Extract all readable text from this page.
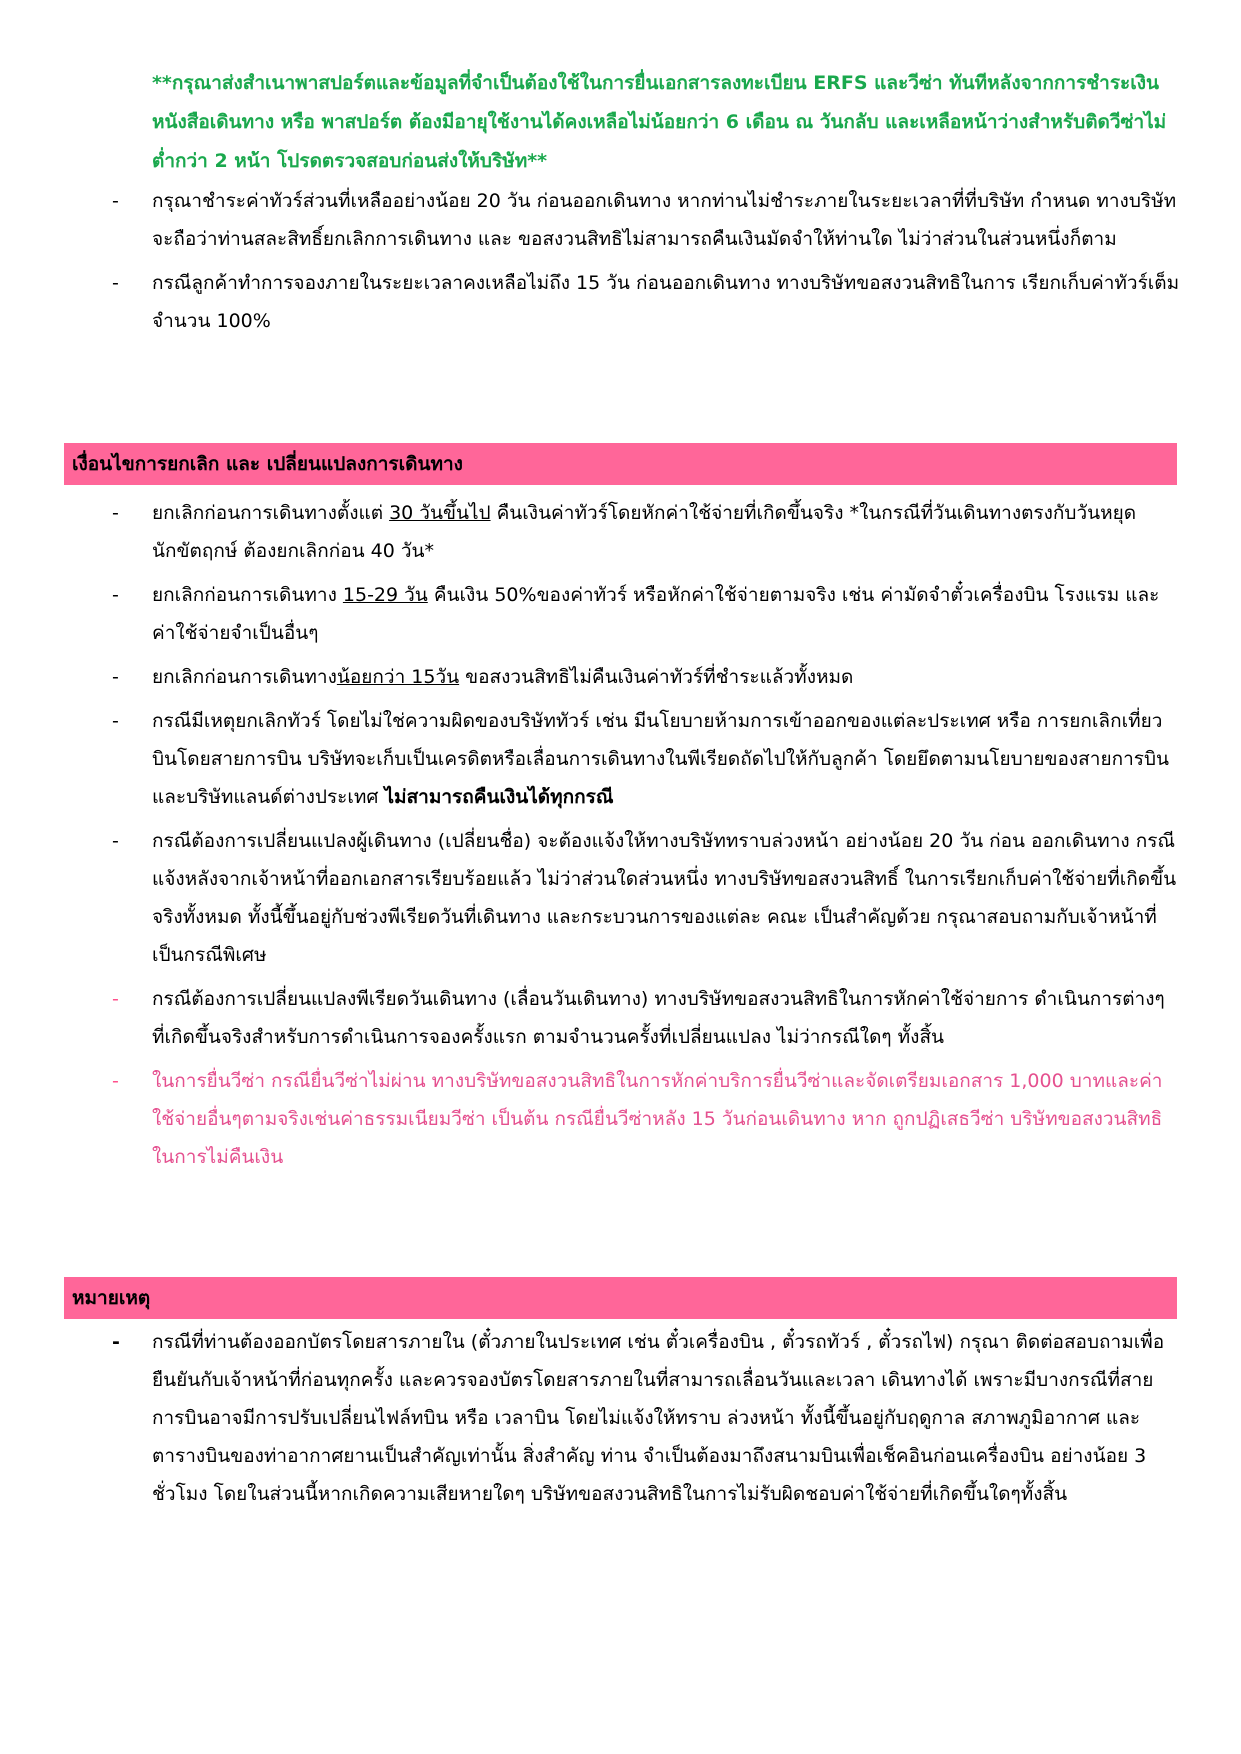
**กรุณาส่งสำเนาพาสปอร์ตและข้อมูลที่จำเป็นต้องใช้ในการยื่นเอกสารลงทะเบียน ERFS และวีซ่า ทันทีหลังจากการชำระเงิน หนังสือเดินทาง หรือ พาสปอร์ต ต้องมีอายุใช้งานได้คงเหลือไม่น้อยกว่า 6 เดือน ณ วันกลับ และเหลือหน้าว่างสำหรับติดวีซ่าไม่ต่ำกว่า 2 หน้า โปรดตรวจสอบก่อนส่งให้บริษัท**
- กรุณาชำระค่าทัวร์ส่วนที่เหลืออย่างน้อย 20 วัน ก่อนออกเดินทาง หากท่านไม่ชำระภายในระยะเวลาที่ที่บริษัท กำหนด ทางบริษัทจะถือว่าท่านสละสิทธิ์ยกเลิกการเดินทาง และ ขอสงวนสิทธิไม่สามารถคืนเงินมัดจำให้ท่านใด ไม่ว่าส่วนในส่วนหนึ่งก็ตาม
- กรณีลูกค้าทำการจองภายในระยะเวลาคงเหลือไม่ถึง 15 วัน ก่อนออกเดินทาง ทางบริษัทขอสงวนสิทธิในการ เรียกเก็บค่าทัวร์เต็มจำนวน 100%
เงื่อนไขการยกเลิก และ เปลี่ยนแปลงการเดินทาง
- ยกเลิกก่อนการเดินทางตั้งแต่ 30 วันขึ้นไป คืนเงินค่าทัวร์โดยหักค่าใช้จ่ายที่เกิดขึ้นจริง *ในกรณีที่วันเดินทางตรงกับวันหยุดนักขัตฤกษ์ ต้องยกเลิกก่อน 40 วัน*
- ยกเลิกก่อนการเดินทาง 15-29 วัน คืนเงิน 50%ของค่าทัวร์ หรือหักค่าใช้จ่ายตามจริง เช่น ค่ามัดจำตั๋วเครื่องบิน โรงแรม และค่าใช้จ่ายจำเป็นอื่นๆ
- ยกเลิกก่อนการเดินทางน้อยกว่า 15วัน ขอสงวนสิทธิไม่คืนเงินค่าทัวร์ที่ชำระแล้วทั้งหมด
- กรณีมีเหตุยกเลิกทัวร์ โดยไม่ใช่ความผิดของบริษัททัวร์ เช่น มีนโยบายห้ามการเข้าออกของแต่ละประเทศ หรือ การยกเลิกเที่ยวบินโดยสายการบิน บริษัทจะเก็บเป็นเครดิตหรือเลื่อนการเดินทางในพีเรียดถัดไปให้กับลูกค้า โดยยึดตามนโยบายของสายการบินและบริษัทแลนด์ต่างประเทศ ไม่สามารถคืนเงินได้ทุกกรณี
- กรณีต้องการเปลี่ยนแปลงผู้เดินทาง (เปลี่ยนชื่อ) จะต้องแจ้งให้ทางบริษัททราบล่วงหน้า อย่างน้อย 20 วัน ก่อน ออกเดินทาง กรณีแจ้งหลังจากเจ้าหน้าที่ออกเอกสารเรียบร้อยแล้ว ไม่ว่าส่วนใดส่วนหนึ่ง ทางบริษัทขอสงวนสิทธิ์ ในการเรียกเก็บค่าใช้จ่ายที่เกิดขึ้นจริงทั้งหมด ทั้งนี้ขึ้นอยู่กับช่วงพีเรียดวันที่เดินทาง และกระบวนการของแต่ละ คณะ เป็นสำคัญด้วย กรุณาสอบถามกับเจ้าหน้าที่เป็นกรณีพิเศษ
- กรณีต้องการเปลี่ยนแปลงพีเรียดวันเดินทาง (เลื่อนวันเดินทาง) ทางบริษัทขอสงวนสิทธิในการหักค่าใช้จ่ายการ ดำเนินการต่างๆ ที่เกิดขึ้นจริงสำหรับการดำเนินการจองครั้งแรก ตามจำนวนครั้งที่เปลี่ยนแปลง ไม่ว่ากรณีใดๆ ทั้งสิ้น
- ในการยื่นวีซ่า กรณียื่นวีซ่าไม่ผ่าน ทางบริษัทขอสงวนสิทธิในการหักค่าบริการยื่นวีซ่าและจัดเตรียมเอกสาร 1,000 บาทและค่าใช้จ่ายอื่นๆตามจริงเช่นค่าธรรมเนียมวีซ่า เป็นต้น กรณียื่นวีซ่าหลัง 15 วันก่อนเดินทาง หาก ถูกปฏิเสธวีซ่า บริษัทขอสงวนสิทธิในการไม่คืนเงิน
หมายเหตุ
- กรณีที่ท่านต้องออกบัตรโดยสารภายใน (ตั๋วภายในประเทศ เช่น ตั๋วเครื่องบิน , ตั๋วรถทัวร์ , ตั๋วรถไฟ) กรุณา ติดต่อสอบถามเพื่อยืนยันกับเจ้าหน้าที่ก่อนทุกครั้ง และควรจองบัตรโดยสารภายในที่สามารถเลื่อนวันและเวลา เดินทางได้ เพราะมีบางกรณีที่สายการบินอาจมีการปรับเปลี่ยนไฟล์ทบิน หรือ เวลาบิน โดยไม่แจ้งให้ทราบ ล่วงหน้า ทั้งนี้ขึ้นอยู่กับฤดูกาล สภาพภูมิอากาศ และ ตารางบินของท่าอากาศยานเป็นสำคัญเท่านั้น สิ่งสำคัญ ท่าน จำเป็นต้องมาถึงสนามบินเพื่อเช็คอินก่อนเครื่องบิน อย่างน้อย 3 ชั่วโมง โดยในส่วนนี้หากเกิดความเสียหายใดๆ บริษัทขอสงวนสิทธิในการไม่รับผิดชอบค่าใช้จ่ายที่เกิดขึ้นใดๆทั้งสิ้น
